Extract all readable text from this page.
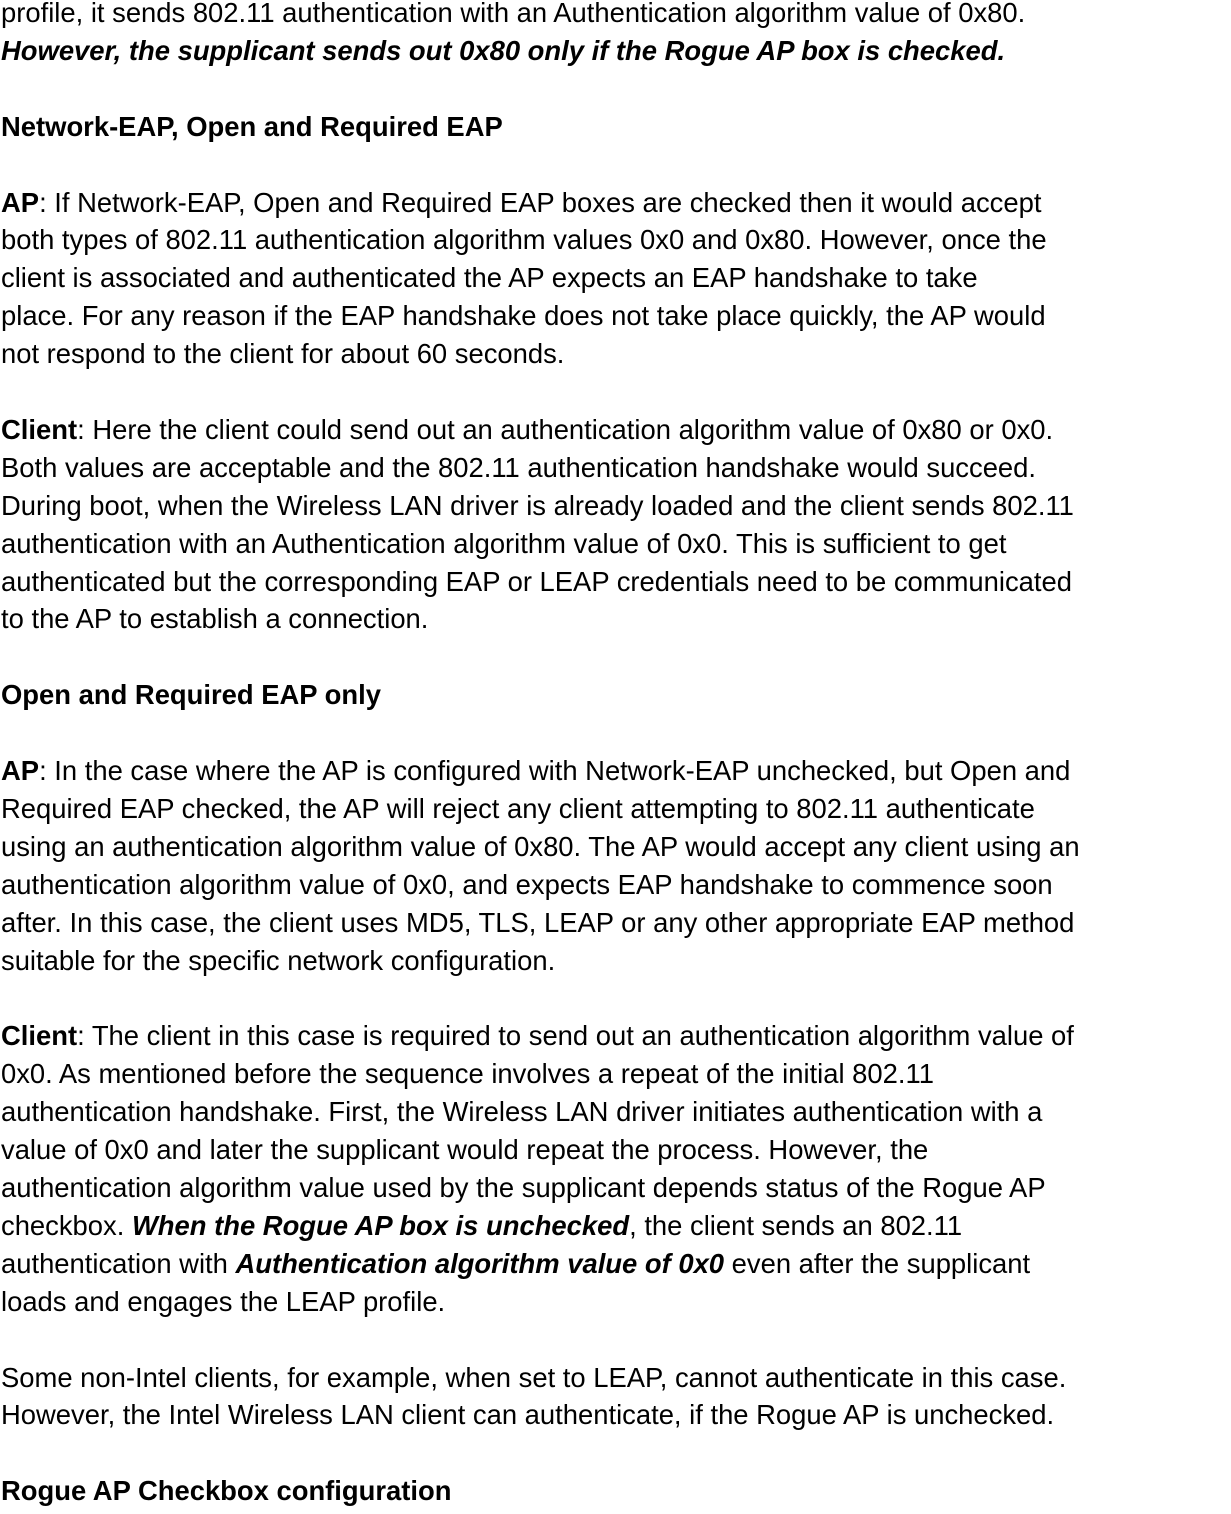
profile, it sends 802.11 authentication with an Authentication algorithm value of 0x80.

However, the supplicant sends out 0x80 only if the Rogue AP box is checked.

Network-EAP, Open and Required EAP

AP: If Network-EAP, Open and Required EAP boxes are checked then it would accept

both types of 802.11 authentication algorithm values 0x0 and 0x80. However, once the

client is associated and authenticated the AP expects an EAP handshake to take

place. For any reason if the EAP handshake does not take place quickly, the AP would

not respond to the client for about 60 seconds.

Client: Here the client could send out an authentication algorithm value of 0x80 or 0x0.

Both values are acceptable and the 802.11 authentication handshake would succeed.

During boot, when the Wireless LAN driver is already loaded and the client sends 802.11

authentication with an Authentication algorithm value of 0x0. This is sufficient to get

authenticated but the corresponding EAP or LEAP credentials need to be communicated

to the AP to establish a connection.

Open and Required EAP only

AP: In the case where the AP is configured with Network-EAP unchecked, but Open and

Required EAP checked, the AP will reject any client attempting to 802.11 authenticate

using an authentication algorithm value of 0x80. The AP would accept any client using an

authentication algorithm value of 0x0, and expects EAP handshake to commence soon

after. In this case, the client uses MD5, TLS, LEAP or any other appropriate EAP method

suitable for the specific network configuration.

Client: The client in this case is required to send out an authentication algorithm value of

0x0. As mentioned before the sequence involves a repeat of the initial 802.11

authentication handshake. First, the Wireless LAN driver initiates authentication with a

value of 0x0 and later the supplicant would repeat the process. However, the

authentication algorithm value used by the supplicant depends status of the Rogue AP

checkbox. When the Rogue AP box is unchecked, the client sends an 802.11

authentication with Authentication algorithm value of 0x0 even after the supplicant

loads and engages the LEAP profile.

Some non-Intel clients, for example, when set to LEAP, cannot authenticate in this case.

However, the Intel Wireless LAN client can authenticate, if the Rogue AP is unchecked.

Rogue AP Checkbox configuration
